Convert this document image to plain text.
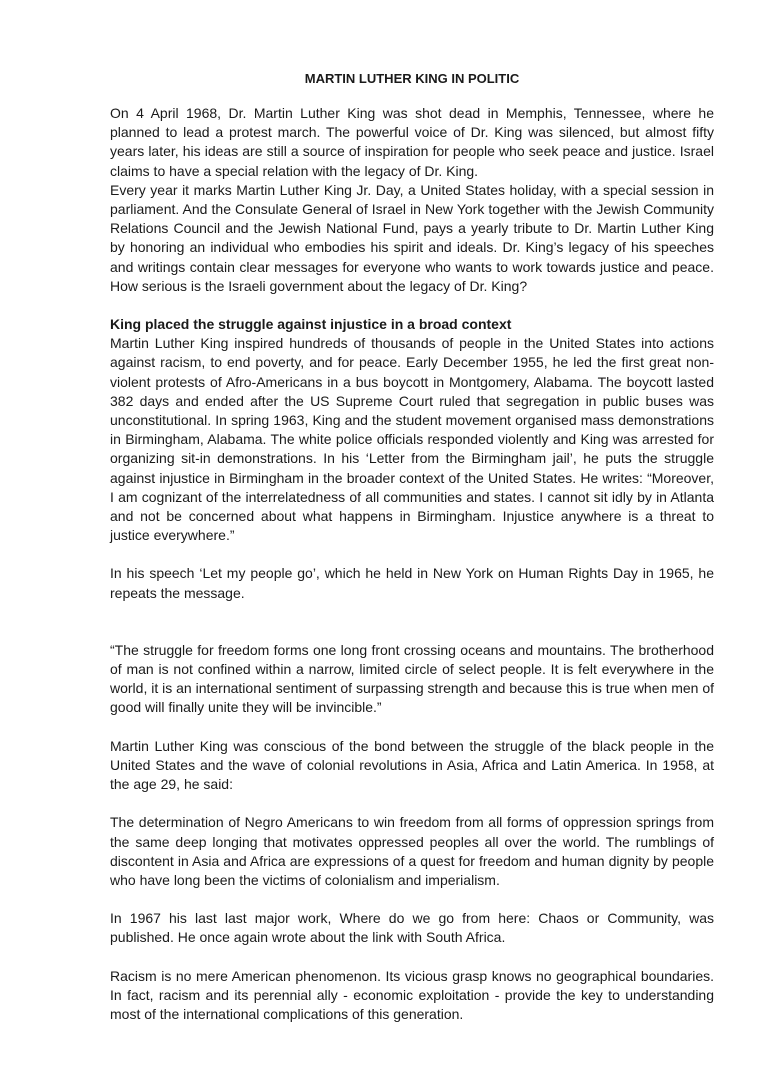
MARTIN LUTHER KING IN POLITIC

On 4 April 1968, Dr. Martin Luther King was shot dead in Memphis, Tennessee, where he planned to lead a protest march. The powerful voice of Dr. King was silenced, but almost fifty years later, his ideas are still a source of inspiration for people who seek peace and justice. Israel claims to have a special relation with the legacy of Dr. King.

Every year it marks Martin Luther King Jr. Day, a United States holiday, with a special session in parliament. And the Consulate General of Israel in New York together with the Jewish Community Relations Council and the Jewish National Fund, pays a yearly tribute to Dr. Martin Luther King by honoring an individual who embodies his spirit and ideals. Dr. King’s legacy of his speeches and writings contain clear messages for everyone who wants to work towards justice and peace. How serious is the Israeli government about the legacy of Dr. King?

King placed the struggle against injustice in a broad context

Martin Luther King inspired hundreds of thousands of people in the United States into actions against racism, to end poverty, and for peace. Early December 1955, he led the first great non-violent protests of Afro-Americans in a bus boycott in Montgomery, Alabama. The boycott lasted 382 days and ended after the US Supreme Court ruled that segregation in public buses was unconstitutional. In spring 1963, King and the student movement organised mass demonstrations in Birmingham, Alabama. The white police officials responded violently and King was arrested for organizing sit-in demonstrations. In his ‘Letter from the Birmingham jail’, he puts the struggle against injustice in Birmingham in the broader context of the United States. He writes: “Moreover, I am cognizant of the interrelatedness of all communities and states. I cannot sit idly by in Atlanta and not be concerned about what happens in Birmingham. Injustice anywhere is a threat to justice everywhere.”

In his speech ‘Let my people go’, which he held in New York on Human Rights Day in 1965, he repeats the message.

“The struggle for freedom forms one long front crossing oceans and mountains. The brotherhood of man is not confined within a narrow, limited circle of select people. It is felt everywhere in the world, it is an international sentiment of surpassing strength and because this is true when men of good will finally unite they will be invincible.”

Martin Luther King was conscious of the bond between the struggle of the black people in the United States and the wave of colonial revolutions in Asia, Africa and Latin America. In 1958, at the age 29, he said:

The determination of Negro Americans to win freedom from all forms of oppression springs from the same deep longing that motivates oppressed peoples all over the world. The rumblings of discontent in Asia and Africa are expressions of a quest for freedom and human dignity by people who have long been the victims of colonialism and imperialism.

In 1967 his last last major work, Where do we go from here: Chaos or Community, was published. He once again wrote about the link with South Africa.

Racism is no mere American phenomenon. Its vicious grasp knows no geographical boundaries. In fact, racism and its perennial ally - economic exploitation - provide the key to understanding most of the international complications of this generation.
